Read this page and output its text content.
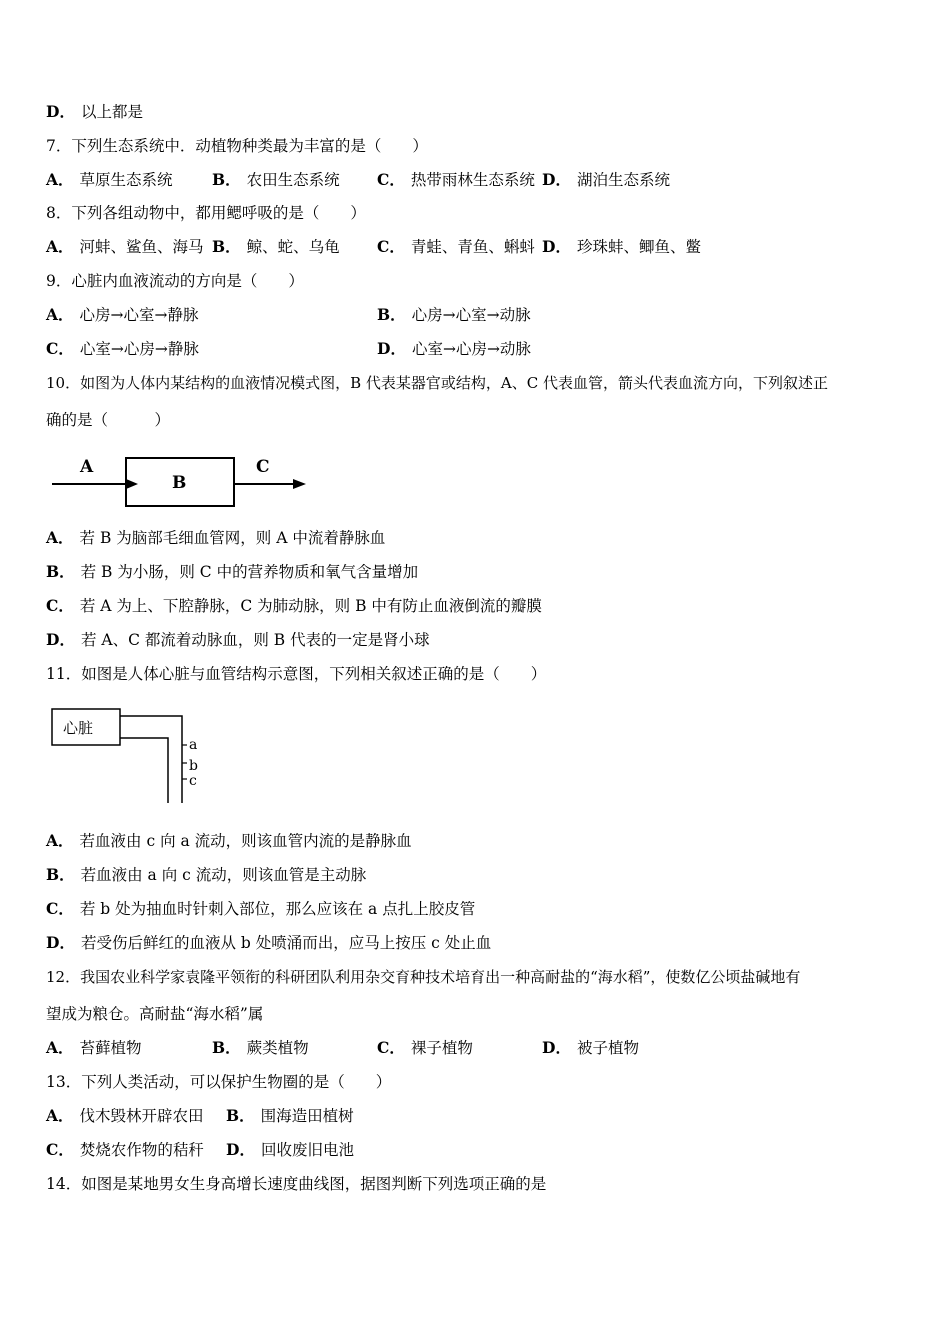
D． 以上都是
7．下列生态系统中．动植物种类最为丰富的是（　　）
A． 草原生态系统	B． 农田生态系统 C． 热带雨林生态系统 D． 湖泊生态系统
8．下列各组动物中，都用鳃呼吸的是（　　）
A． 河蚌、鲨鱼、海马 B． 鲸、蛇、乌龟 C． 青蛙、青鱼、蝌蚪 D． 珍珠蚌、鲫鱼、鳖
9．心脏内血液流动的方向是（　　）
A． 心房→心室→静脉	B． 心房→心室→动脉
C． 心室→心房→静脉	D． 心室→心房→动脉
10．如图为人体内某结构的血液情况模式图，B 代表某器官或结构，A、C 代表血管，箭头代表血流方向，下列叙述正
确的是（　　　）
A
B
C
A． 若 B 为脑部毛细血管网，则 A 中流着静脉血
B． 若 B 为小肠，则 C 中的营养物质和氧气含量增加
C． 若 A 为上、下腔静脉，C 为肺动脉，则 B 中有防止血液倒流的瓣膜
D． 若 A、C 都流着动脉血，则 B 代表的一定是肾小球
11．如图是人体心脏与血管结构示意图，下列相关叙述正确的是（　　）
心脏
a
b
c
A． 若血液由 c 向 a 流动，则该血管内流的是静脉血
B． 若血液由 a 向 c 流动，则该血管是主动脉
C． 若 b 处为抽血时针刺入部位，那么应该在 a 点扎上胶皮管
D． 若受伤后鲜红的血液从 b 处喷涌而出，应马上按压 c 处止血
12．我国农业科学家袁隆平领衔的科研团队利用杂交育种技术培育出一种高耐盐的“海水稻”，使数亿公顷盐碱地有
望成为粮仓。高耐盐“海水稻”属
A． 苔藓植物	B． 蕨类植物	C． 裸子植物	D． 被子植物
13．下列人类活动，可以保护生物圈的是（　　）
A． 伐木毁林开辟农田 B． 围海造田植树
C． 焚烧农作物的秸秆 D． 回收废旧电池
14．如图是某地男女生身高增长速度曲线图，据图判断下列选项正确的是
